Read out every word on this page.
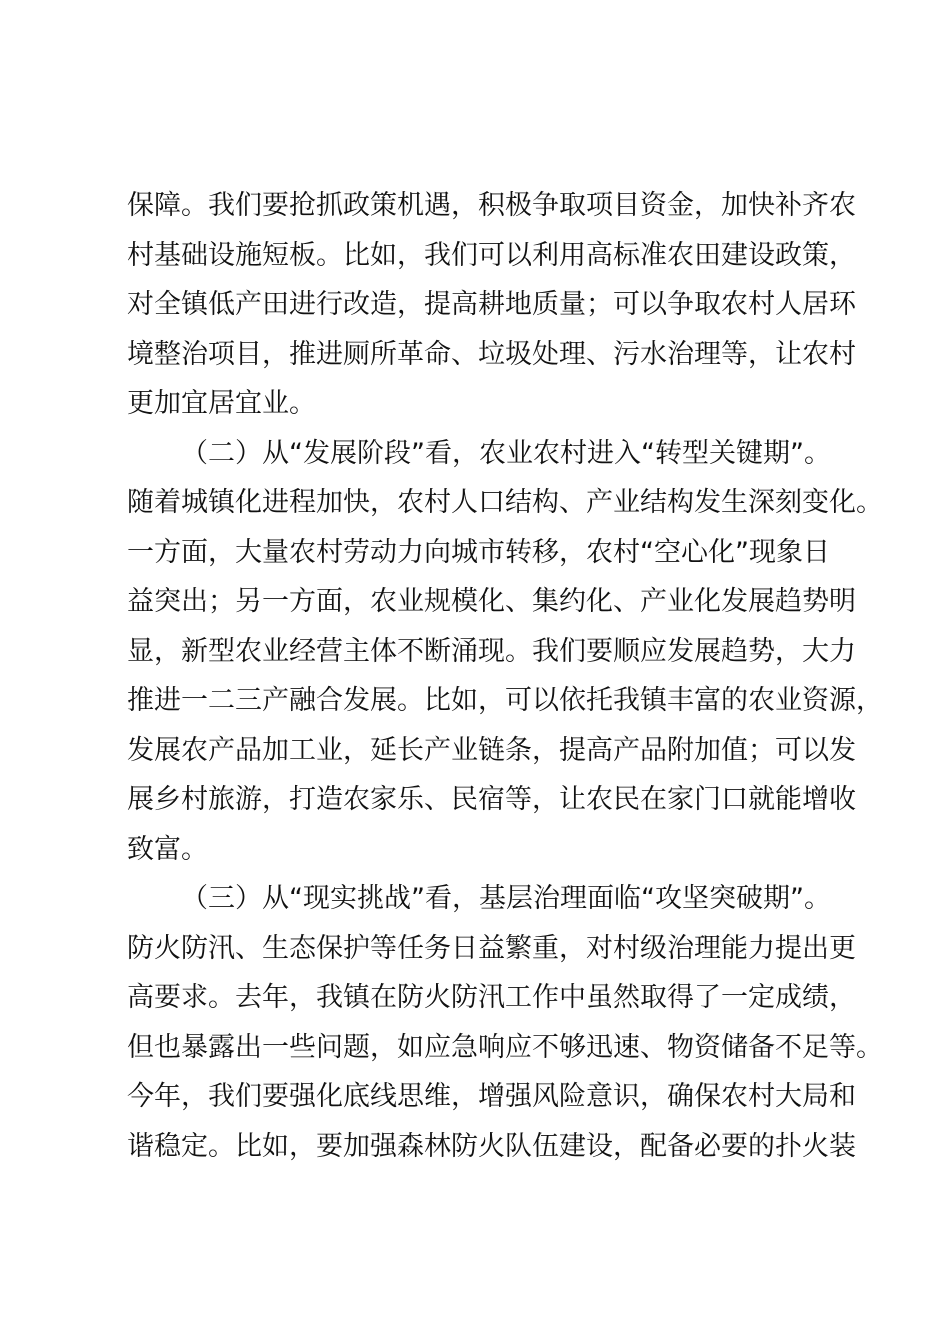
保障。我们要抢抓政策机遇，积极争取项目资金，加快补齐农
村基础设施短板。比如，我们可以利用高标准农田建设政策，
对全镇低产田进行改造，提高耕地质量；可以争取农村人居环
境整治项目，推进厕所革命、垃圾处理、污水治理等，让农村
更加宜居宜业。
（二）从“发展阶段”看，农业农村进入“转型关键期”。
随着城镇化进程加快，农村人口结构、产业结构发生深刻变化。
一方面，大量农村劳动力向城市转移，农村“空心化”现象日
益突出；另一方面，农业规模化、集约化、产业化发展趋势明
显，新型农业经营主体不断涌现。我们要顺应发展趋势，大力
推进一二三产融合发展。比如，可以依托我镇丰富的农业资源，
发展农产品加工业，延长产业链条，提高产品附加值；可以发
展乡村旅游，打造农家乐、民宿等，让农民在家门口就能增收
致富。
（三）从“现实挑战”看，基层治理面临“攻坚突破期”。
防火防汛、生态保护等任务日益繁重，对村级治理能力提出更
高要求。去年，我镇在防火防汛工作中虽然取得了一定成绩，
但也暴露出一些问题，如应急响应不够迅速、物资储备不足等。
今年，我们要强化底线思维，增强风险意识，确保农村大局和
谐稳定。比如，要加强森林防火队伍建设，配备必要的扑火装
